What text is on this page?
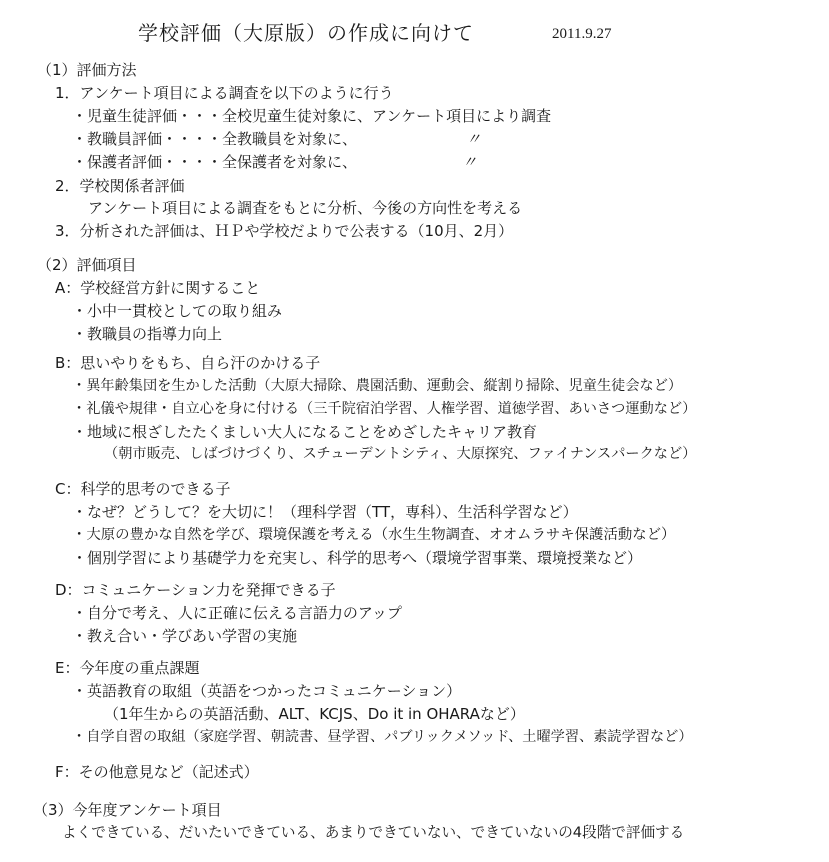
学校評価（大原版）の作成に向けて	2011.9.27
（1）評価方法
1．アンケート項目による調査を以下のように行う
・児童生徒評価・・・全校児童生徒対象に、アンケート項目により調査
・教職員評価・・・・全教職員を対象に、	〃
・保護者評価・・・・全保護者を対象に、	〃
2．学校関係者評価
アンケート項目による調査をもとに分析、今後の方向性を考える
3．分析された評価は、ＨＰや学校だよりで公表する（10月、2月）
（2）評価項目
A：学校経営方針に関すること
・小中一貫校としての取り組み
・教職員の指導力向上
B：思いやりをもち、自ら汗のかける子
・異年齢集団を生かした活動（大原大掃除、農園活動、運動会、縦割り掃除、児童生徒会など）
・礼儀や規律・自立心を身に付ける（三千院宿泊学習、人権学習、道徳学習、あいさつ運動など）
・地域に根ざしたたくましい大人になることをめざしたキャリア教育
（朝市販売、しばづけづくり、スチューデントシティ、大原探究、ファイナンスパークなど）
C：科学的思考のできる子
・なぜ？どうして？を大切に！（理科学習（TT，専科）、生活科学習など）
・大原の豊かな自然を学び、環境保護を考える（水生生物調査、オオムラサキ保護活動など）
・個別学習により基礎学力を充実し、科学的思考へ（環境学習事業、環境授業など）
D：コミュニケーション力を発揮できる子
・自分で考え、人に正確に伝える言語力のアップ
・教え合い・学びあい学習の実施
E：今年度の重点課題
・英語教育の取組（英語をつかったコミュニケーション）
（1年生からの英語活動、ALT、KCJS、Do it in OHARAなど）
・自学自習の取組（家庭学習、朝読書、昼学習、パブリックメソッド、土曜学習、素読学習など）
F：その他意見など（記述式）
（3）今年度アンケート項目
よくできている、だいたいできている、あまりできていない、できていないの4段階で評価する
